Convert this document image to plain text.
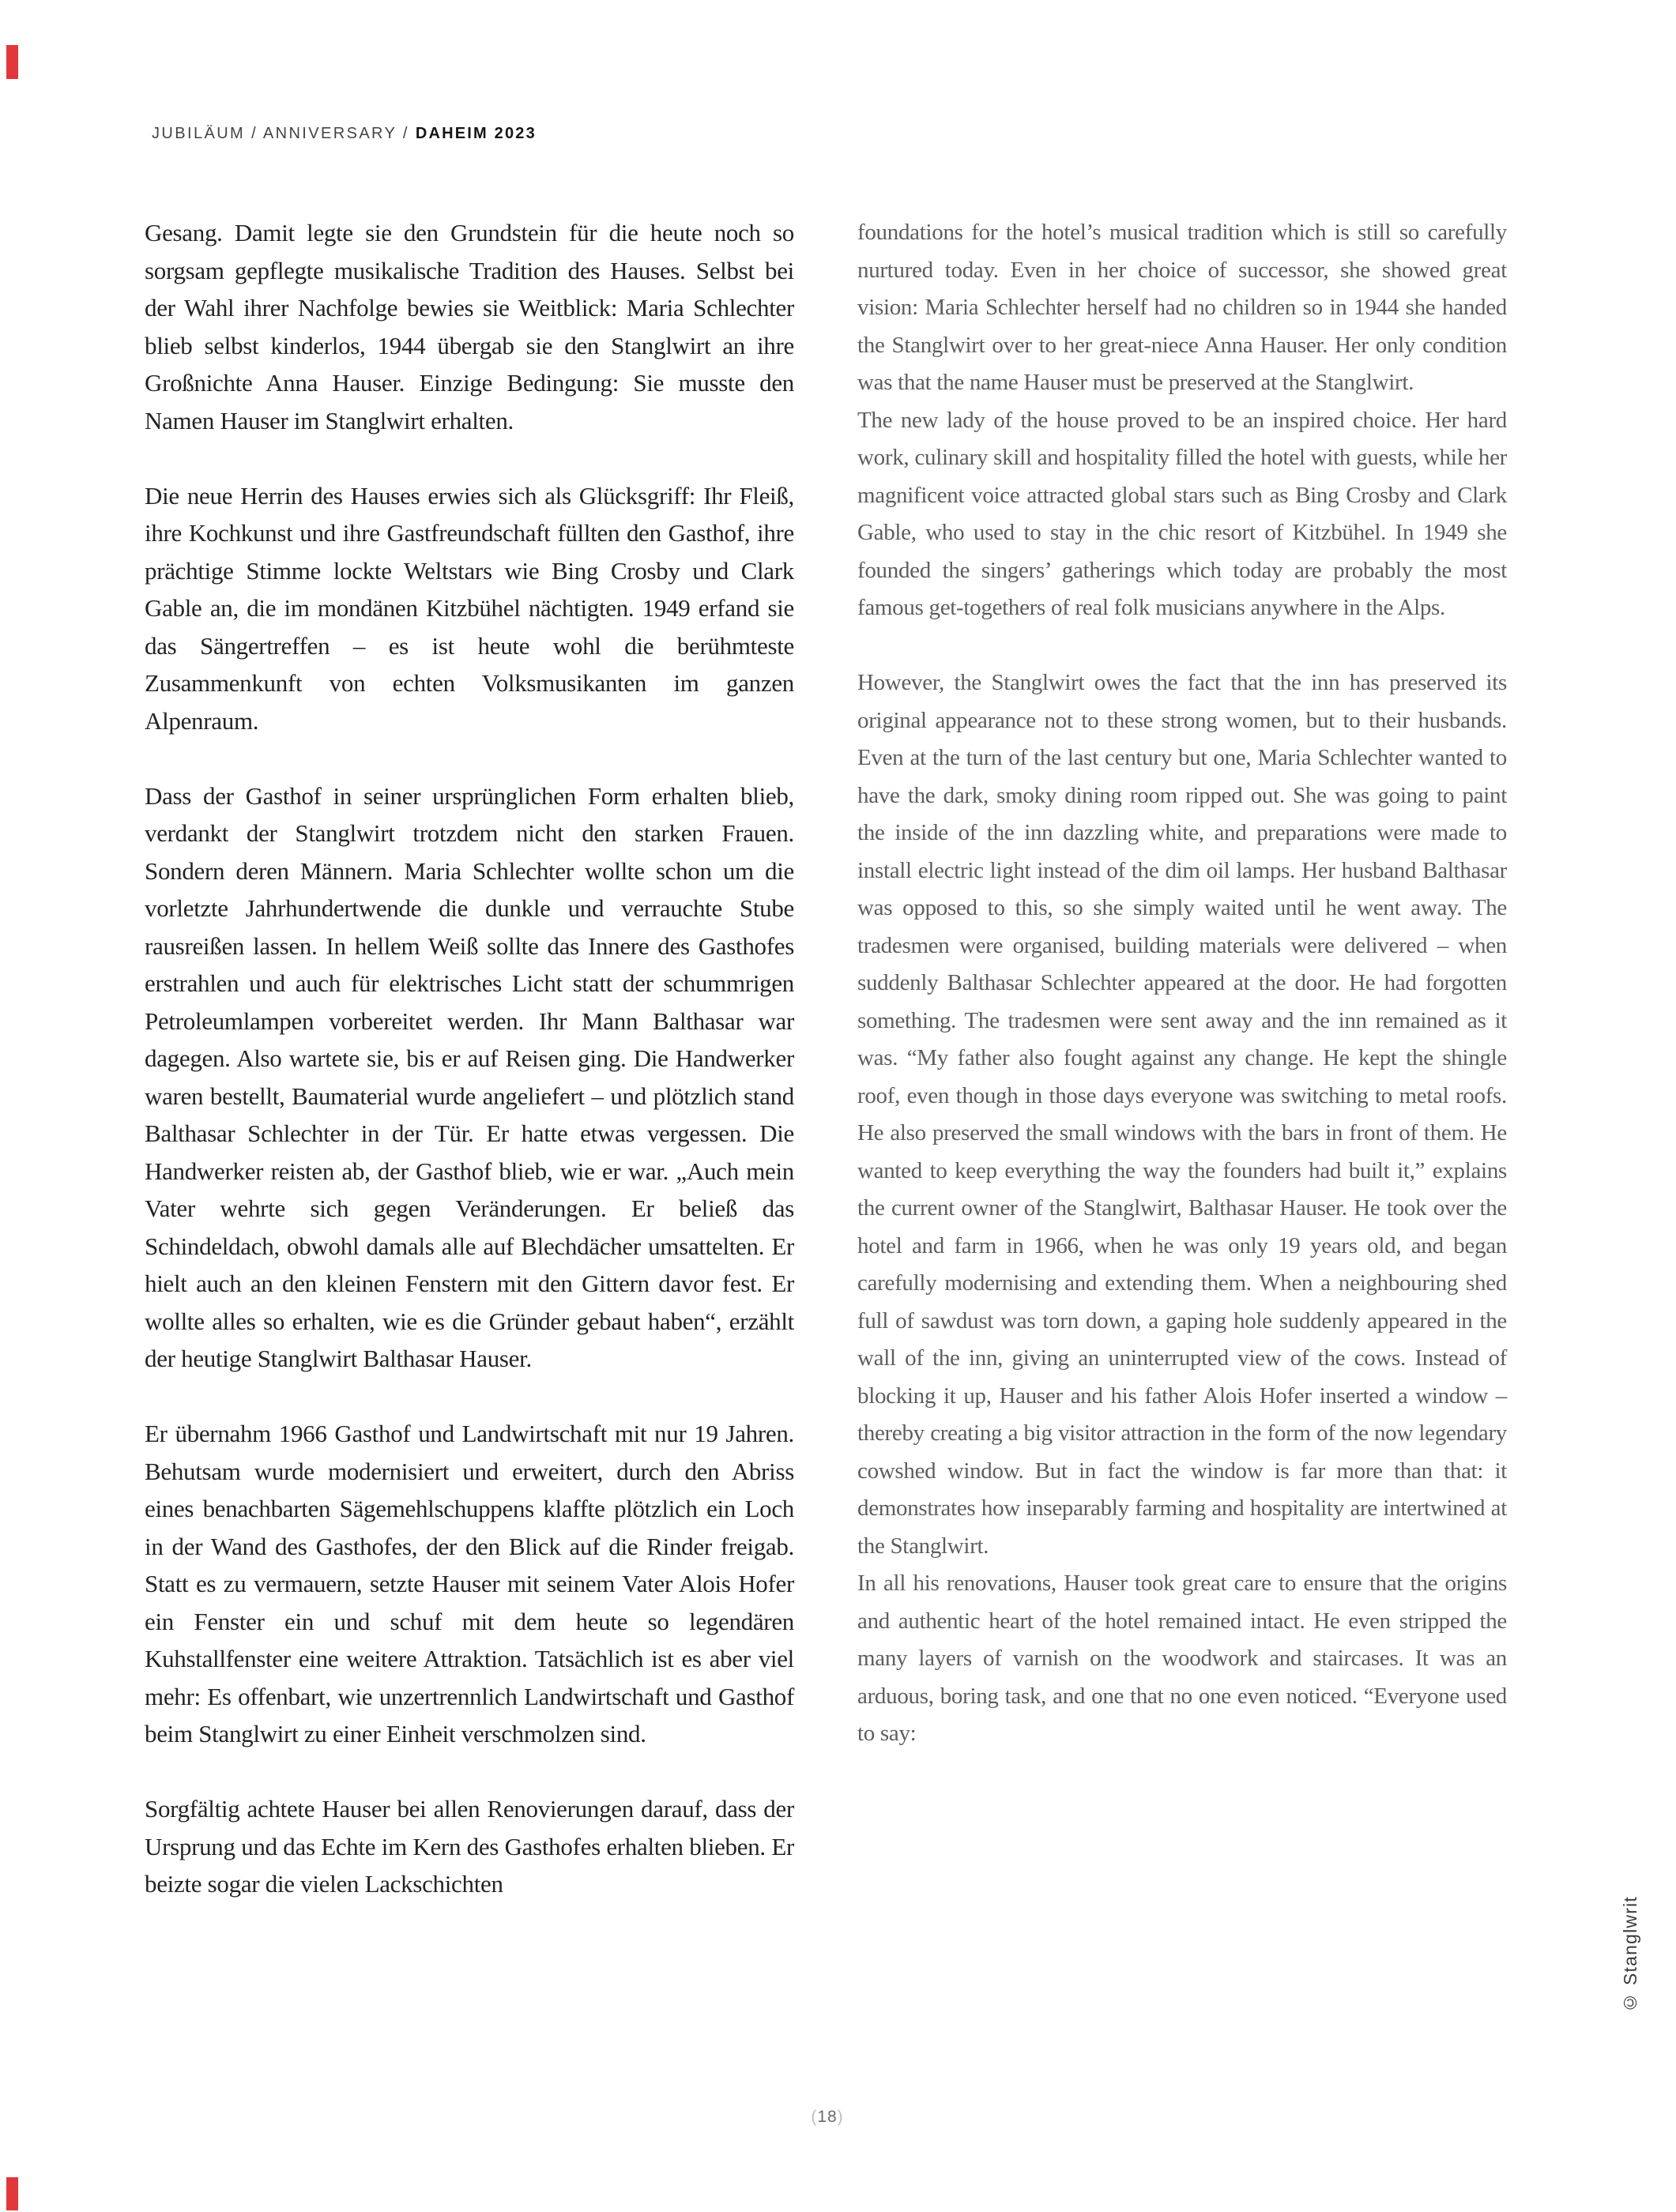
JUBILÄUM / ANNIVERSARY / DAHEIM 2023

Gesang. Damit legte sie den Grundstein für die heute noch so sorgsam gepflegte musikalische Tradition des Hauses. Selbst bei der Wahl ihrer Nachfolge bewies sie Weitblick: Maria Schlechter blieb selbst kinderlos, 1944 übergab sie den Stanglwirt an ihre Großnichte Anna Hauser. Einzige Bedingung: Sie musste den Namen Hauser im Stanglwirt erhalten.

Die neue Herrin des Hauses erwies sich als Glücksgriff: Ihr Fleiß, ihre Kochkunst und ihre Gastfreundschaft füllten den Gasthof, ihre prächtige Stimme lockte Weltstars wie Bing Crosby und Clark Gable an, die im mondänen Kitzbühel nächtigten. 1949 erfand sie das Sängertreffen – es ist heute wohl die berühmteste Zusammenkunft von echten Volksmusikanten im ganzen Alpenraum.

Dass der Gasthof in seiner ursprünglichen Form erhalten blieb, verdankt der Stanglwirt trotzdem nicht den starken Frauen. Sondern deren Männern. Maria Schlechter wollte schon um die vorletzte Jahrhundertwende die dunkle und verrauchte Stube rausreißen lassen. In hellem Weiß sollte das Innere des Gasthofes erstrahlen und auch für elektrisches Licht statt der schummrigen Petroleumlampen vorbereitet werden. Ihr Mann Balthasar war dagegen. Also wartete sie, bis er auf Reisen ging. Die Handwerker waren bestellt, Baumaterial wurde angeliefert – und plötzlich stand Balthasar Schlechter in der Tür. Er hatte etwas vergessen. Die Handwerker reisten ab, der Gasthof blieb, wie er war. „Auch mein Vater wehrte sich gegen Veränderungen. Er beließ das Schindeldach, obwohl damals alle auf Blechdächer umsattelten. Er hielt auch an den kleinen Fenstern mit den Gittern davor fest. Er wollte alles so erhalten, wie es die Gründer gebaut haben“, erzählt der heutige Stanglwirt Balthasar Hauser.

Er übernahm 1966 Gasthof und Landwirtschaft mit nur 19 Jahren. Behutsam wurde modernisiert und erweitert, durch den Abriss eines benachbarten Sägemehlschuppens klaffte plötzlich ein Loch in der Wand des Gasthofes, der den Blick auf die Rinder freigab. Statt es zu vermauern, setzte Hauser mit seinem Vater Alois Hofer ein Fenster ein und schuf mit dem heute so legendären Kuhstallfenster eine weitere Attraktion. Tatsächlich ist es aber viel mehr: Es offenbart, wie unzertrennlich Landwirtschaft und Gasthof beim Stanglwirt zu einer Einheit verschmolzen sind.

Sorgfältig achtete Hauser bei allen Renovierungen darauf, dass der Ursprung und das Echte im Kern des Gasthofes erhalten blieben. Er beizte sogar die vielen Lackschichten

foundations for the hotel’s musical tradition which is still so carefully nurtured today. Even in her choice of successor, she showed great vision: Maria Schlechter herself had no children so in 1944 she handed the Stanglwirt over to her great-niece Anna Hauser. Her only condition was that the name Hauser must be preserved at the Stanglwirt.

The new lady of the house proved to be an inspired choice. Her hard work, culinary skill and hospitality filled the hotel with guests, while her magnificent voice attracted global stars such as Bing Crosby and Clark Gable, who used to stay in the chic resort of Kitzbühel. In 1949 she founded the singers’ gatherings which today are probably the most famous get-togethers of real folk musicians anywhere in the Alps.

However, the Stanglwirt owes the fact that the inn has preserved its original appearance not to these strong women, but to their husbands. Even at the turn of the last century but one, Maria Schlechter wanted to have the dark, smoky dining room ripped out. She was going to paint the inside of the inn dazzling white, and preparations were made to install electric light instead of the dim oil lamps. Her husband Balthasar was opposed to this, so she simply waited until he went away. The tradesmen were organised, building materials were delivered – when suddenly Balthasar Schlechter appeared at the door. He had forgotten something. The tradesmen were sent away and the inn remained as it was. “My father also fought against any change. He kept the shingle roof, even though in those days everyone was switching to metal roofs. He also preserved the small windows with the bars in front of them. He wanted to keep everything the way the founders had built it,” explains the current owner of the Stanglwirt, Balthasar Hauser. He took over the hotel and farm in 1966, when he was only 19 years old, and began carefully modernising and extending them. When a neighbouring shed full of sawdust was torn down, a gaping hole suddenly appeared in the wall of the inn, giving an uninterrupted view of the cows. Instead of blocking it up, Hauser and his father Alois Hofer inserted a window – thereby creating a big visitor attraction in the form of the now legendary cowshed window. But in fact the window is far more than that: it demonstrates how inseparably farming and hospitality are intertwined at the Stanglwirt.

In all his renovations, Hauser took great care to ensure that the origins and authentic heart of the hotel remained intact. He even stripped the many layers of varnish on the woodwork and staircases. It was an arduous, boring task, and one that no one even noticed. “Everyone used to say:

(18)
© Stanglwrit
